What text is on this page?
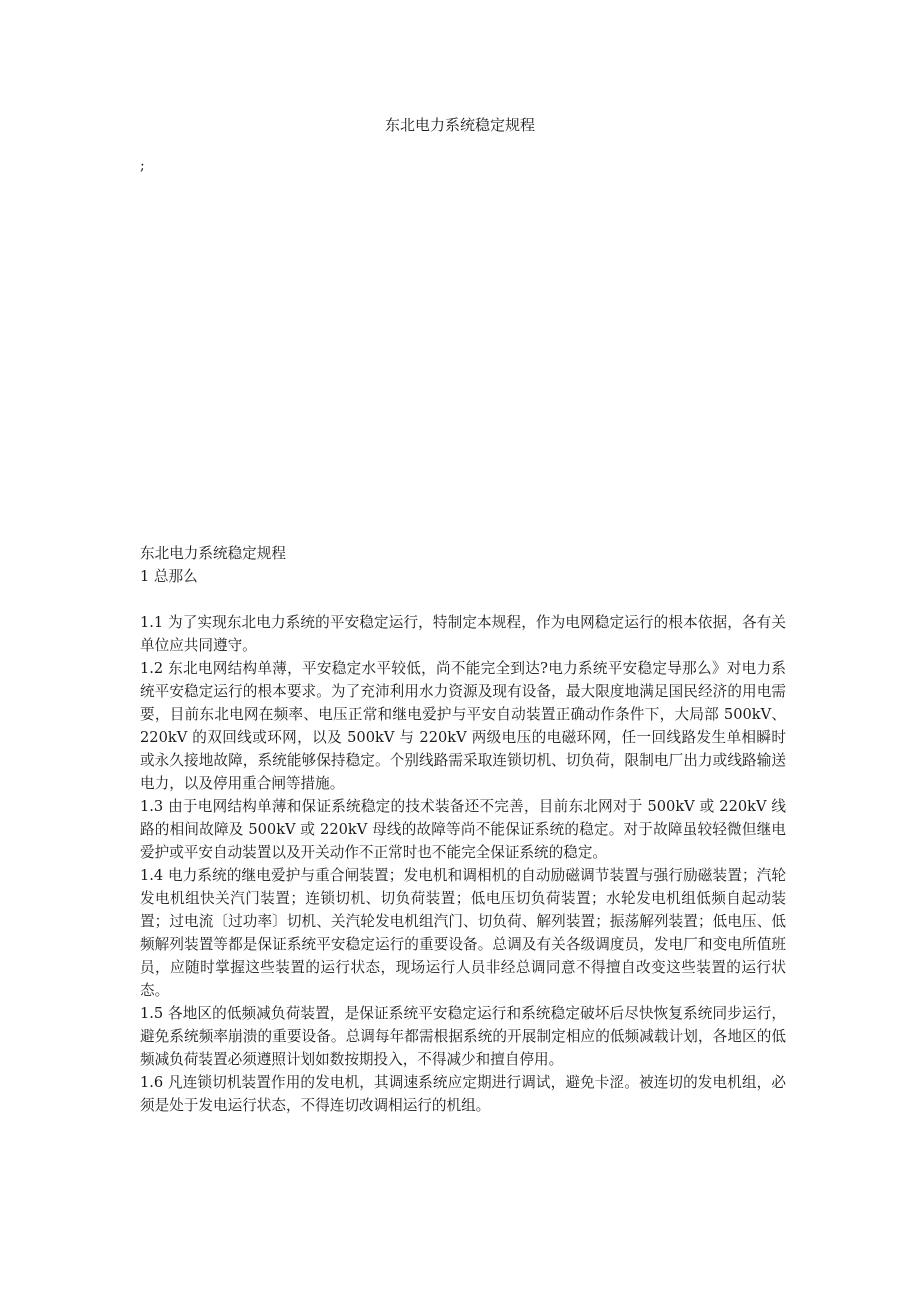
东北电力系统稳定规程
;

东北电力系统稳定规程

1 总那么

1.1 为了实现东北电力系统的平安稳定运行，特制定本规程，作为电网稳定运行的根本依据，各有关单位应共同遵守。

1.2 东北电网结构单薄，平安稳定水平较低，尚不能完全到达?电力系统平安稳定导那么》对电力系统平安稳定运行的根本要求。为了充沛利用水力资源及现有设备，最大限度地满足国民经济的用电需要，目前东北电网在频率、电压正常和继电爱护与平安自动装置正确动作条件下，大局部 500kV、220kV 的双回线或环网，以及 500kV 与 220kV 两级电压的电磁环网，任一回线路发生单相瞬时或永久接地故障，系统能够保持稳定。个别线路需采取连锁切机、切负荷，限制电厂出力或线路输送电力，以及停用重合闸等措施。

1.3 由于电网结构单薄和保证系统稳定的技术装备还不完善，目前东北网对于 500kV 或 220kV 线路的相间故障及 500kV 或 220kV 母线的故障等尚不能保证系统的稳定。对于故障虽较轻微但继电爱护或平安自动装置以及开关动作不正常时也不能完全保证系统的稳定。

1.4 电力系统的继电爱护与重合闸装置；发电机和调相机的自动励磁调节装置与强行励磁装置；汽轮发电机组快关汽门装置；连锁切机、切负荷装置；低电压切负荷装置；水轮发电机组低频自起动装置；过电流〔过功率〕切机、关汽轮发电机组汽门、切负荷、解列装置；振荡解列装置；低电压、低频解列装置等都是保证系统平安稳定运行的重要设备。总调及有关各级调度员，发电厂和变电所值班员，应随时掌握这些装置的运行状态，现场运行人员非经总调同意不得擅自改变这些装置的运行状态。

1.5 各地区的低频减负荷装置，是保证系统平安稳定运行和系统稳定破坏后尽快恢复系统同步运行，避免系统频率崩溃的重要设备。总调每年都需根据系统的开展制定相应的低频减载计划，各地区的低频减负荷装置必须遵照计划如数按期投入，不得减少和擅自停用。

1.6 凡连锁切机装置作用的发电机，其调速系统应定期进行调试，避免卡涩。被连切的发电机组，必须是处于发电运行状态，不得连切改调相运行的机组。
